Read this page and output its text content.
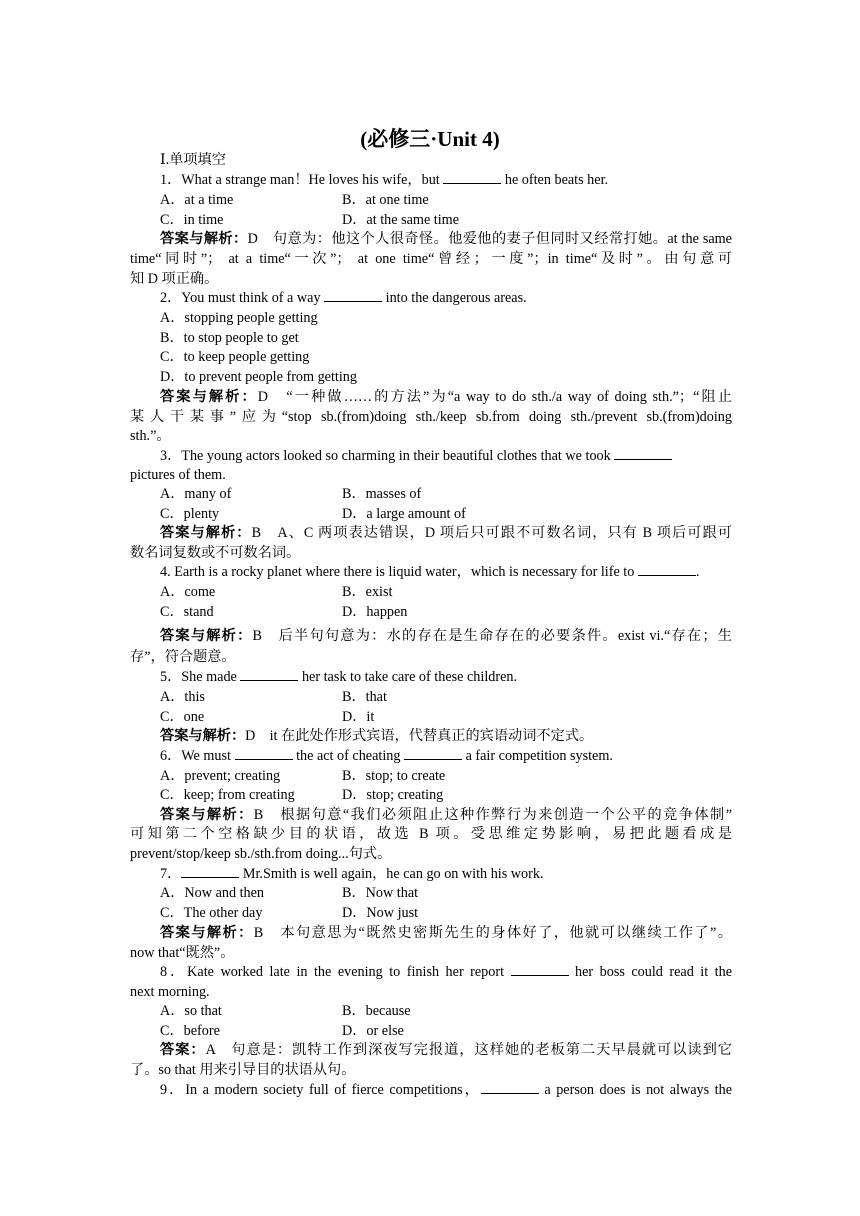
(必修三·Unit 4)
Ⅰ.单项填空
1．What a strange man！He loves his wife，but	he often beats her.
A．at a time	B．at one time
C．in time	D．at the same time
答案与解析：D　句意为：他这个人很奇怪。他爱他的妻子但同时又经常打她。at the same
time“同时”； at a time“一次”； at one time“曾经；一度”；in time“及时”。由句意可
知 D 项正确。
2．You must think of a way	into the dangerous areas.
A．stopping people getting
B．to stop people to get
C．to keep people getting
D．to prevent people from getting
答案与解析：D　“一种做……的方法”为“a way to do sth./a way of doing sth.”；“阻止
某人干某事”应为“stop sb.(from)doing sth./keep sb.from doing sth./prevent sb.(from)doing
sth.”。
3．The young actors looked so charming in their beautiful clothes that we took
pictures of them.
A．many of	B．masses of
C．plenty	D．a large amount of
答案与解析：B　A、C 两项表达错误，D 项后只可跟不可数名词，只有 B 项后可跟可
数名词复数或不可数名词。
4. Earth is a rocky planet where there is liquid water，which is necessary for life to	.
A．come	B．exist
C．stand	D．happen
答案与解析：B　后半句句意为：水的存在是生命存在的必要条件。exist vi.“存在；生
存”，符合题意。
5．She made	her task to take care of these children.
A．this	B．that
C．one	D．it
答案与解析：D　it 在此处作形式宾语，代替真正的宾语动词不定式。
6．We must	the act of cheating	a fair competition system.
A．prevent; creating	B．stop; to create
C．keep; from creating	D．stop; creating
答案与解析：B　根据句意“我们必须阻止这种作弊行为来创造一个公平的竞争体制”
可知第二个空格缺少目的状语，故选 B 项。受思维定势影响，易把此题看成是
prevent/stop/keep sb./sth.from doing...句式。
7．	Mr.Smith is well again，he can go on with his work.
A．Now and then	B．Now that
C．The other day	D．Now just
答案与解析：B　本句意思为“既然史密斯先生的身体好了，他就可以继续工作了”。
now that“既然”。
8．Kate worked late in the evening to finish her report	her boss could read it the
next morning.
A．so that	B．because
C．before	D．or else
答案：A　句意是：凯特工作到深夜写完报道，这样她的老板第二天早晨就可以读到它
了。so that 用来引导目的状语从句。
9．In a modern society full of fierce competitions，	a person does is not always the
